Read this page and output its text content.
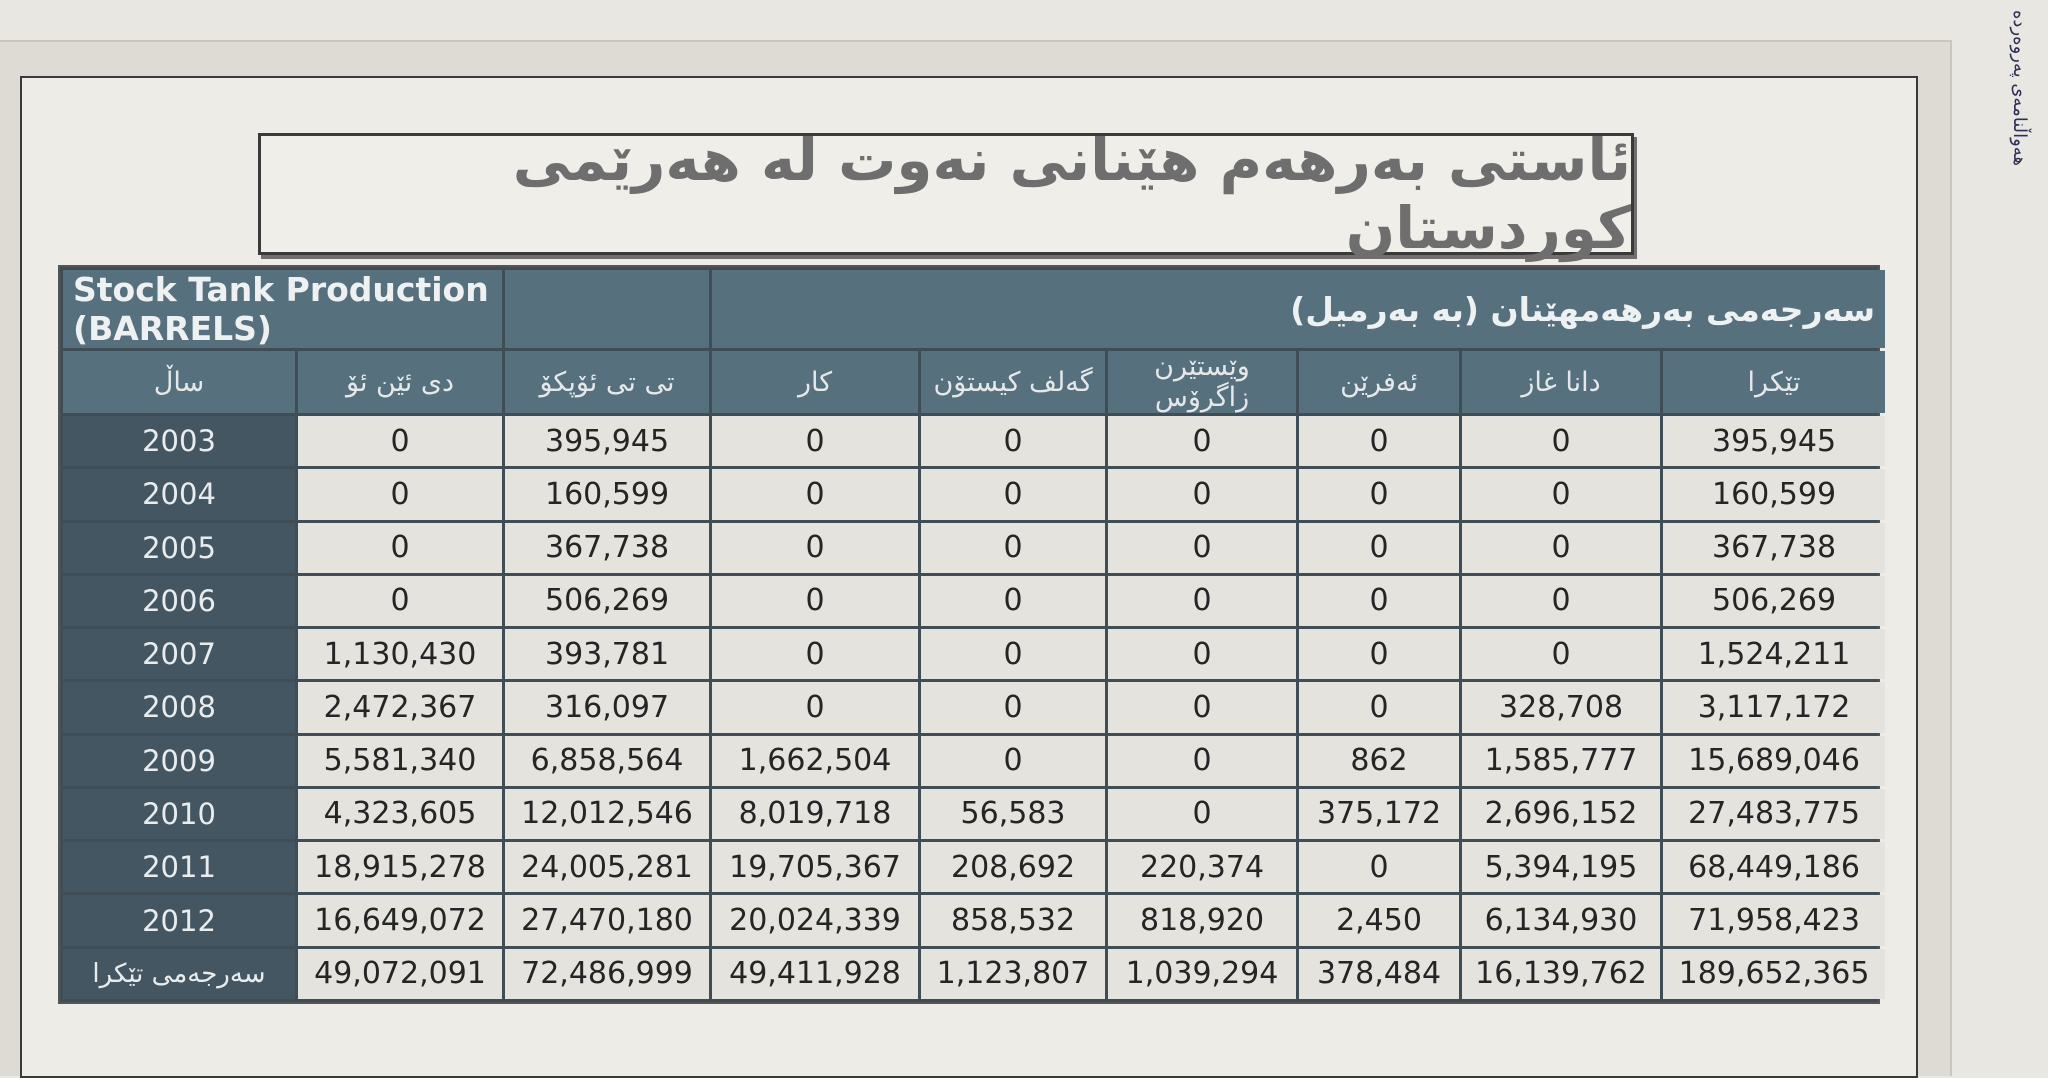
هەواڵنامەی پەروەردە
ئاستی بەرهەم هێنانی نەوت لە هەرێمی کوردستان
Stock Tank Production (BARRELS)			سەرجەمی بەرهەمهێنان (بە بەرمیل)					
ساڵ	دی ئێن ئۆ	تی تی ئۆپکۆ	کار	گەلف کیستۆن	وێستێرن زاگرۆس	ئەفرێن	دانا غاز	تێکرا
2003	0	395,945	0	0	0	0	0	395,945
2004	0	160,599	0	0	0	0	0	160,599
2005	0	367,738	0	0	0	0	0	367,738
2006	0	506,269	0	0	0	0	0	506,269
2007	1,130,430	393,781	0	0	0	0	0	1,524,211
2008	2,472,367	316,097	0	0	0	0	328,708	3,117,172
2009	5,581,340	6,858,564	1,662,504	0	0	862	1,585,777	15,689,046
2010	4,323,605	12,012,546	8,019,718	56,583	0	375,172	2,696,152	27,483,775
2011	18,915,278	24,005,281	19,705,367	208,692	220,374	0	5,394,195	68,449,186
2012	16,649,072	27,470,180	20,024,339	858,532	818,920	2,450	6,134,930	71,958,423
سەرجەمی تێکرا	49,072,091	72,486,999	49,411,928	1,123,807	1,039,294	378,484	16,139,762	189,652,365
